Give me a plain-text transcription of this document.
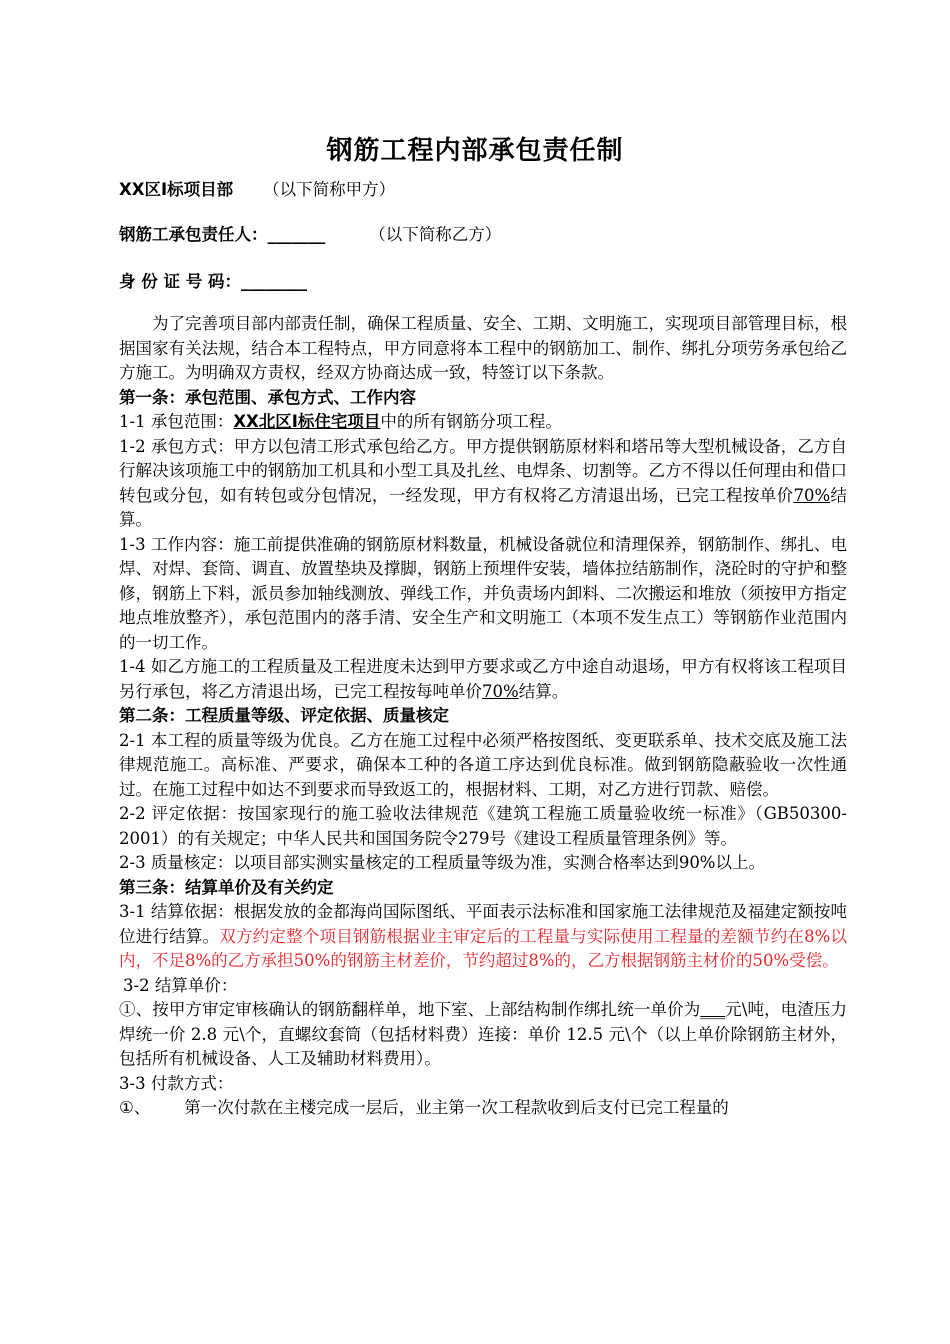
钢筋工程内部承包责任制
XX区Ⅰ标项目部 （以下简称甲方）
钢筋工承包责任人：_______	（以下简称乙方）
身 份 证 号 码：________

为了完善项目部内部责任制，确保工程质量、安全、工期、文明施工，实现项目部管理目标，根据国家有关法规，结合本工程特点，甲方同意将本工程中的钢筋加工、制作、绑扎分项劳务承包给乙方施工。为明确双方责权，经双方协商达成一致，特签订以下条款。

第一条：承包范围、承包方式、工作内容

1-1 承包范围：XX北区Ⅰ标住宅项目中的所有钢筋分项工程。

1-2 承包方式：甲方以包清工形式承包给乙方。甲方提供钢筋原材料和塔吊等大型机械设备，乙方自行解决该项施工中的钢筋加工机具和小型工具及扎丝、电焊条、切割等。乙方不得以任何理由和借口转包或分包，如有转包或分包情况，一经发现，甲方有权将乙方清退出场，已完工程按单价70%结算。

1-3 工作内容：施工前提供准确的钢筋原材料数量，机械设备就位和清理保养，钢筋制作、绑扎、电焊、对焊、套筒、调直、放置垫块及撑脚，钢筋上预埋件安装，墙体拉结筋制作，浇砼时的守护和整修，钢筋上下料，派员参加轴线测放、弹线工作，并负责场内卸料、二次搬运和堆放（须按甲方指定地点堆放整齐），承包范围内的落手清、安全生产和文明施工（本项不发生点工）等钢筋作业范围内的一切工作。

1-4 如乙方施工的工程质量及工程进度未达到甲方要求或乙方中途自动退场，甲方有权将该工程项目另行承包，将乙方清退出场，已完工程按每吨单价70%结算。

第二条：工程质量等级、评定依据、质量核定

2-1 本工程的质量等级为优良。乙方在施工过程中必须严格按图纸、变更联系单、技术交底及施工法律规范施工。高标准、严要求，确保本工种的各道工序达到优良标准。做到钢筋隐蔽验收一次性通过。在施工过程中如达不到要求而导致返工的，根据材料、工期，对乙方进行罚款、赔偿。

2-2 评定依据：按国家现行的施工验收法律规范《建筑工程施工质量验收统一标准》（GB50300-2001）的有关规定；中华人民共和国国务院令279号《建设工程质量管理条例》等。

2-3 质量核定：以项目部实测实量核定的工程质量等级为准，实测合格率达到90%以上。

第三条：结算单价及有关约定

3-1 结算依据：根据发放的金都海尚国际图纸、平面表示法标准和国家施工法律规范及福建定额按吨位进行结算。双方约定整个项目钢筋根据业主审定后的工程量与实际使用工程量的差额节约在8%以内，不足8%的乙方承担50%的钢筋主材差价，节约超过8%的，乙方根据钢筋主材价的50%受偿。

3-2 结算单价：

①、按甲方审定审核确认的钢筋翻样单，地下室、上部结构制作绑扎统一单价为___元\吨，电渣压力焊统一价 2.8 元\个，直螺纹套筒（包括材料费）连接：单价 12.5 元\个（以上单价除钢筋主材外，包括所有机械设备、人工及辅助材料费用）。

3-3 付款方式：

①、 第一次付款在主楼完成一层后，业主第一次工程款收到后支付已完工程量的
